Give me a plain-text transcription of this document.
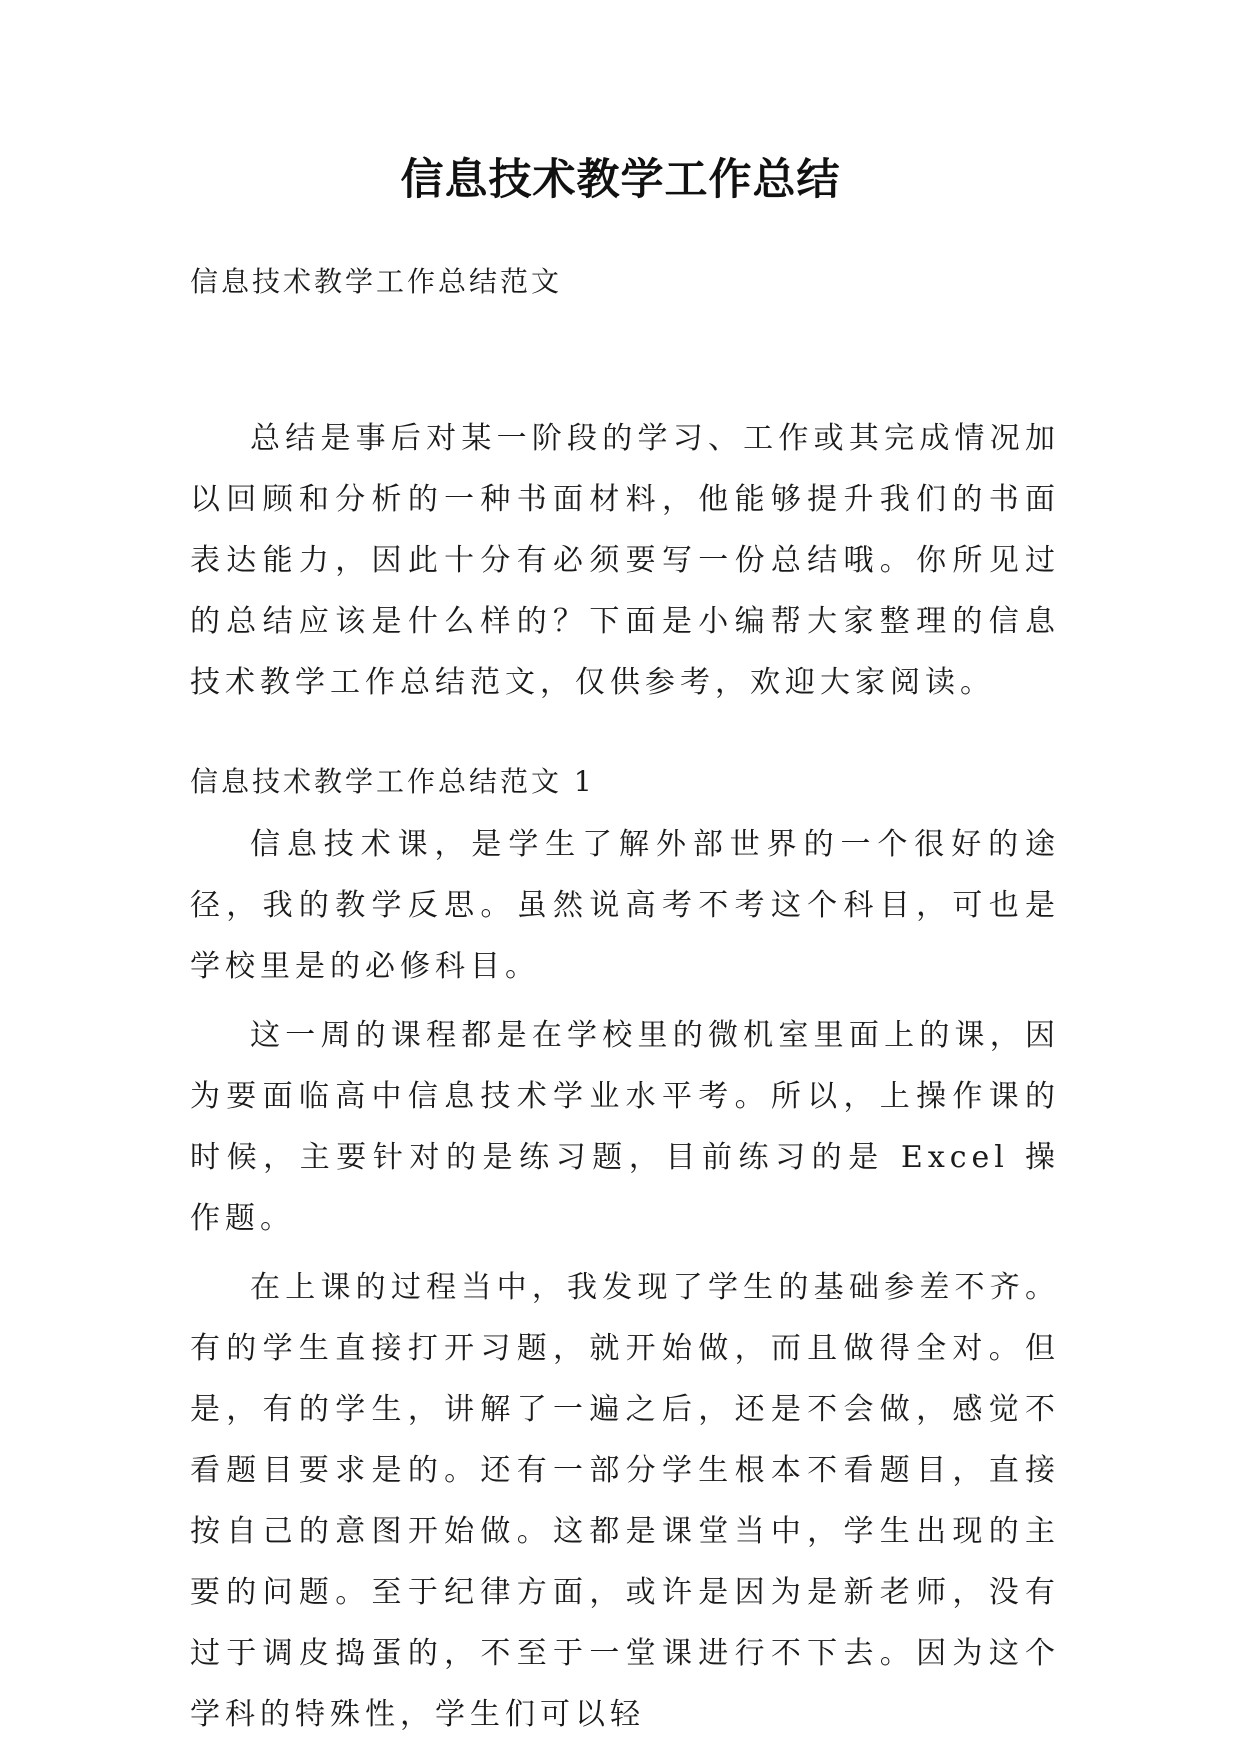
信息技术教学工作总结

信息技术教学工作总结范文

总结是事后对某一阶段的学习、工作或其完成情况加以回顾和分析的一种书面材料，他能够提升我们的书面表达能力，因此十分有必须要写一份总结哦。你所见过的总结应该是什么样的？下面是小编帮大家整理的信息技术教学工作总结范文，仅供参考，欢迎大家阅读。

信息技术教学工作总结范文 1

信息技术课，是学生了解外部世界的一个很好的途径，我的教学反思。虽然说高考不考这个科目，可也是学校里是的必修科目。

这一周的课程都是在学校里的微机室里面上的课，因为要面临高中信息技术学业水平考。所以，上操作课的时候，主要针对的是练习题，目前练习的是 Excel 操作题。

在上课的过程当中，我发现了学生的基础参差不齐。有的学生直接打开习题，就开始做，而且做得全对。但是，有的学生，讲解了一遍之后，还是不会做，感觉不看题目要求是的。还有一部分学生根本不看题目，直接按自己的意图开始做。这都是课堂当中，学生出现的主要的问题。至于纪律方面，或许是因为是新老师，没有过于调皮捣蛋的，不至于一堂课进行不下去。因为这个学科的特殊性，学生们可以轻
